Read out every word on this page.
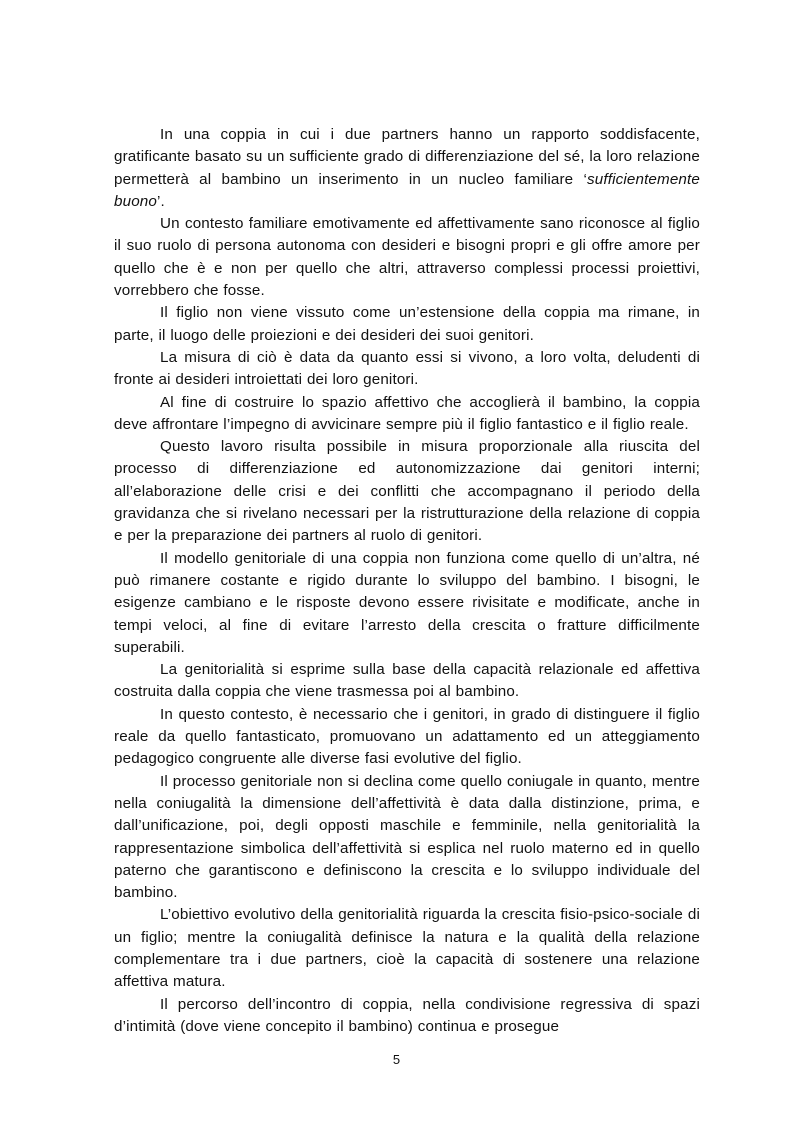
In una coppia in cui i due partners hanno un rapporto soddisfacente, gratificante basato su un sufficiente grado di differenziazione del sé, la loro relazione permetterà al bambino un inserimento in un nucleo familiare ‘sufficientemente buono’.

Un contesto familiare emotivamente ed affettivamente sano riconosce al figlio il suo ruolo di persona autonoma con desideri e bisogni propri e gli offre amore per quello che è e non per quello che altri, attraverso complessi processi proiettivi, vorrebbero che fosse.

Il figlio non viene vissuto come un’estensione della coppia ma rimane, in parte, il luogo delle proiezioni e dei desideri dei suoi genitori.

La misura di ciò è data da quanto essi si vivono, a loro volta, deludenti di fronte ai desideri introiettati dei loro genitori.

Al fine di costruire lo spazio affettivo che accoglierà il bambino, la coppia deve affrontare l’impegno di avvicinare sempre più il figlio fantastico e il figlio reale.

Questo lavoro risulta possibile in misura proporzionale alla riuscita del processo di differenziazione ed autonomizzazione dai genitori interni; all’elaborazione delle crisi e dei conflitti che accompagnano il periodo della gravidanza che si rivelano necessari per la ristrutturazione della relazione di coppia e per la preparazione dei partners al ruolo di genitori.

Il modello genitoriale di una coppia non funziona come quello di un’altra, né può rimanere costante e rigido durante lo sviluppo del bambino. I bisogni, le esigenze cambiano e le risposte devono essere rivisitate e modificate, anche in tempi veloci, al fine di evitare l’arresto della crescita o fratture difficilmente superabili.

La genitorialità si esprime sulla base della capacità relazionale ed affettiva costruita dalla coppia che viene trasmessa poi al bambino.

In questo contesto, è necessario che i genitori, in grado di distinguere il figlio reale da quello fantasticato, promuovano un adattamento ed un atteggiamento pedagogico congruente alle diverse fasi evolutive del figlio.

Il processo genitoriale non si declina come quello coniugale in quanto, mentre nella coniugalità la dimensione dell’affettività è data dalla distinzione, prima, e dall’unificazione, poi, degli opposti maschile e femminile, nella genitorialità la rappresentazione simbolica dell’affettività si esplica nel ruolo materno ed in quello paterno che garantiscono e definiscono la crescita e lo sviluppo individuale del bambino.

L’obiettivo evolutivo della genitorialità riguarda la crescita fisio-psico-sociale di un figlio; mentre la coniugalità definisce la natura e la qualità della relazione complementare tra i due partners, cioè la capacità di sostenere una relazione affettiva matura.

Il percorso dell’incontro di coppia, nella condivisione regressiva di spazi d’intimità (dove viene concepito il bambino) continua e prosegue

5
